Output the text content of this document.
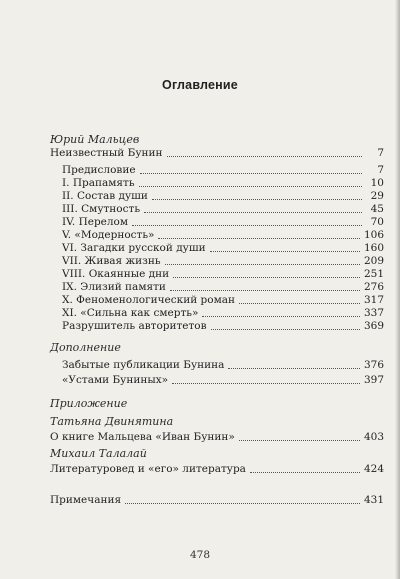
Оглавление
Юрий Мальцев
Неизвестный Бунин	7
Предисловие	7
I. Прапамять	10
II. Состав души	29
III. Смутность	45
IV. Перелом	70
V. «Модерность»	106
VI. Загадки русской души	160
VII. Живая жизнь	209
VIII. Окаянные дни	251
IX. Элизий памяти	276
X. Феноменологический роман	317
XI. «Сильна как смерть»	337
Разрушитель авторитетов	369
Дополнение
Забытые публикации Бунина	376
«Устами Буниных»	397
Приложение
Татьяна Двинятина
О книге Мальцева «Иван Бунин»	403
Михаил Талалай
Литературовед и «его» литература	424
Примечания	431
478
